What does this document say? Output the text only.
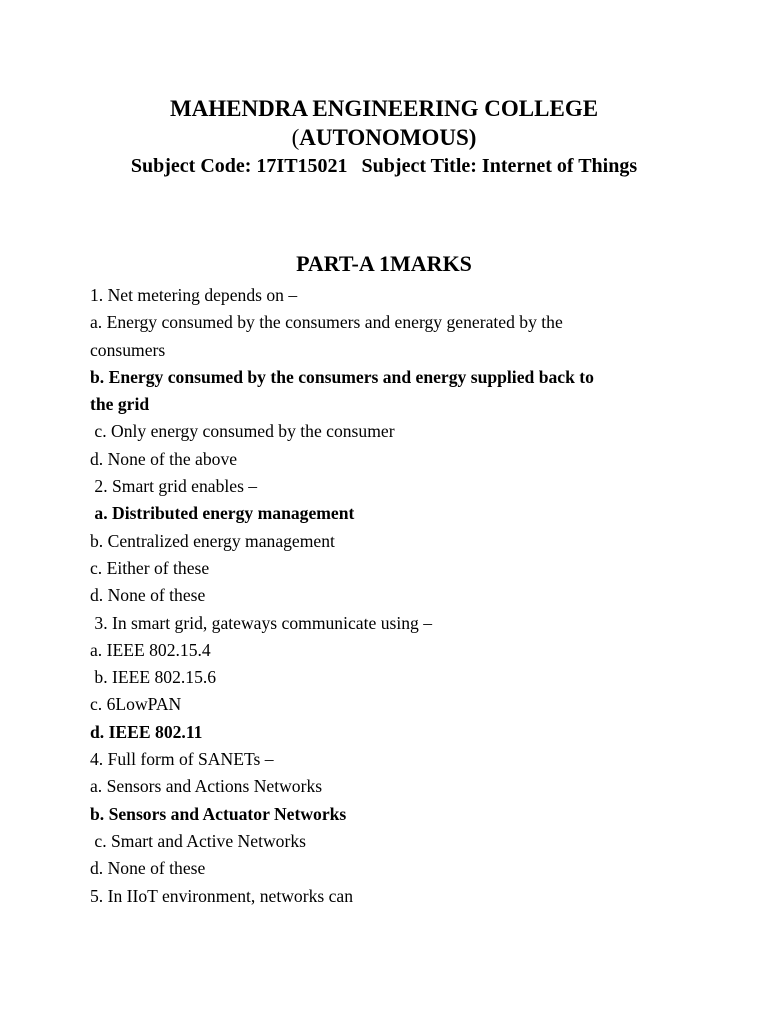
MAHENDRA ENGINEERING COLLEGE
(AUTONOMOUS)
Subject Code: 17IT15021 Subject Title: Internet of Things
PART-A 1MARKS
1. Net metering depends on –
a. Energy consumed by the consumers and energy generated by the
consumers
b. Energy consumed by the consumers and energy supplied back to
the grid
c. Only energy consumed by the consumer
d. None of the above
2. Smart grid enables –
a. Distributed energy management
b. Centralized energy management
c. Either of these
d. None of these
3. In smart grid, gateways communicate using –
a. IEEE 802.15.4
b. IEEE 802.15.6
c. 6LowPAN
d. IEEE 802.11
4. Full form of SANETs –
a. Sensors and Actions Networks
b. Sensors and Actuator Networks
c. Smart and Active Networks
d. None of these
5. In IIoT environment, networks can
